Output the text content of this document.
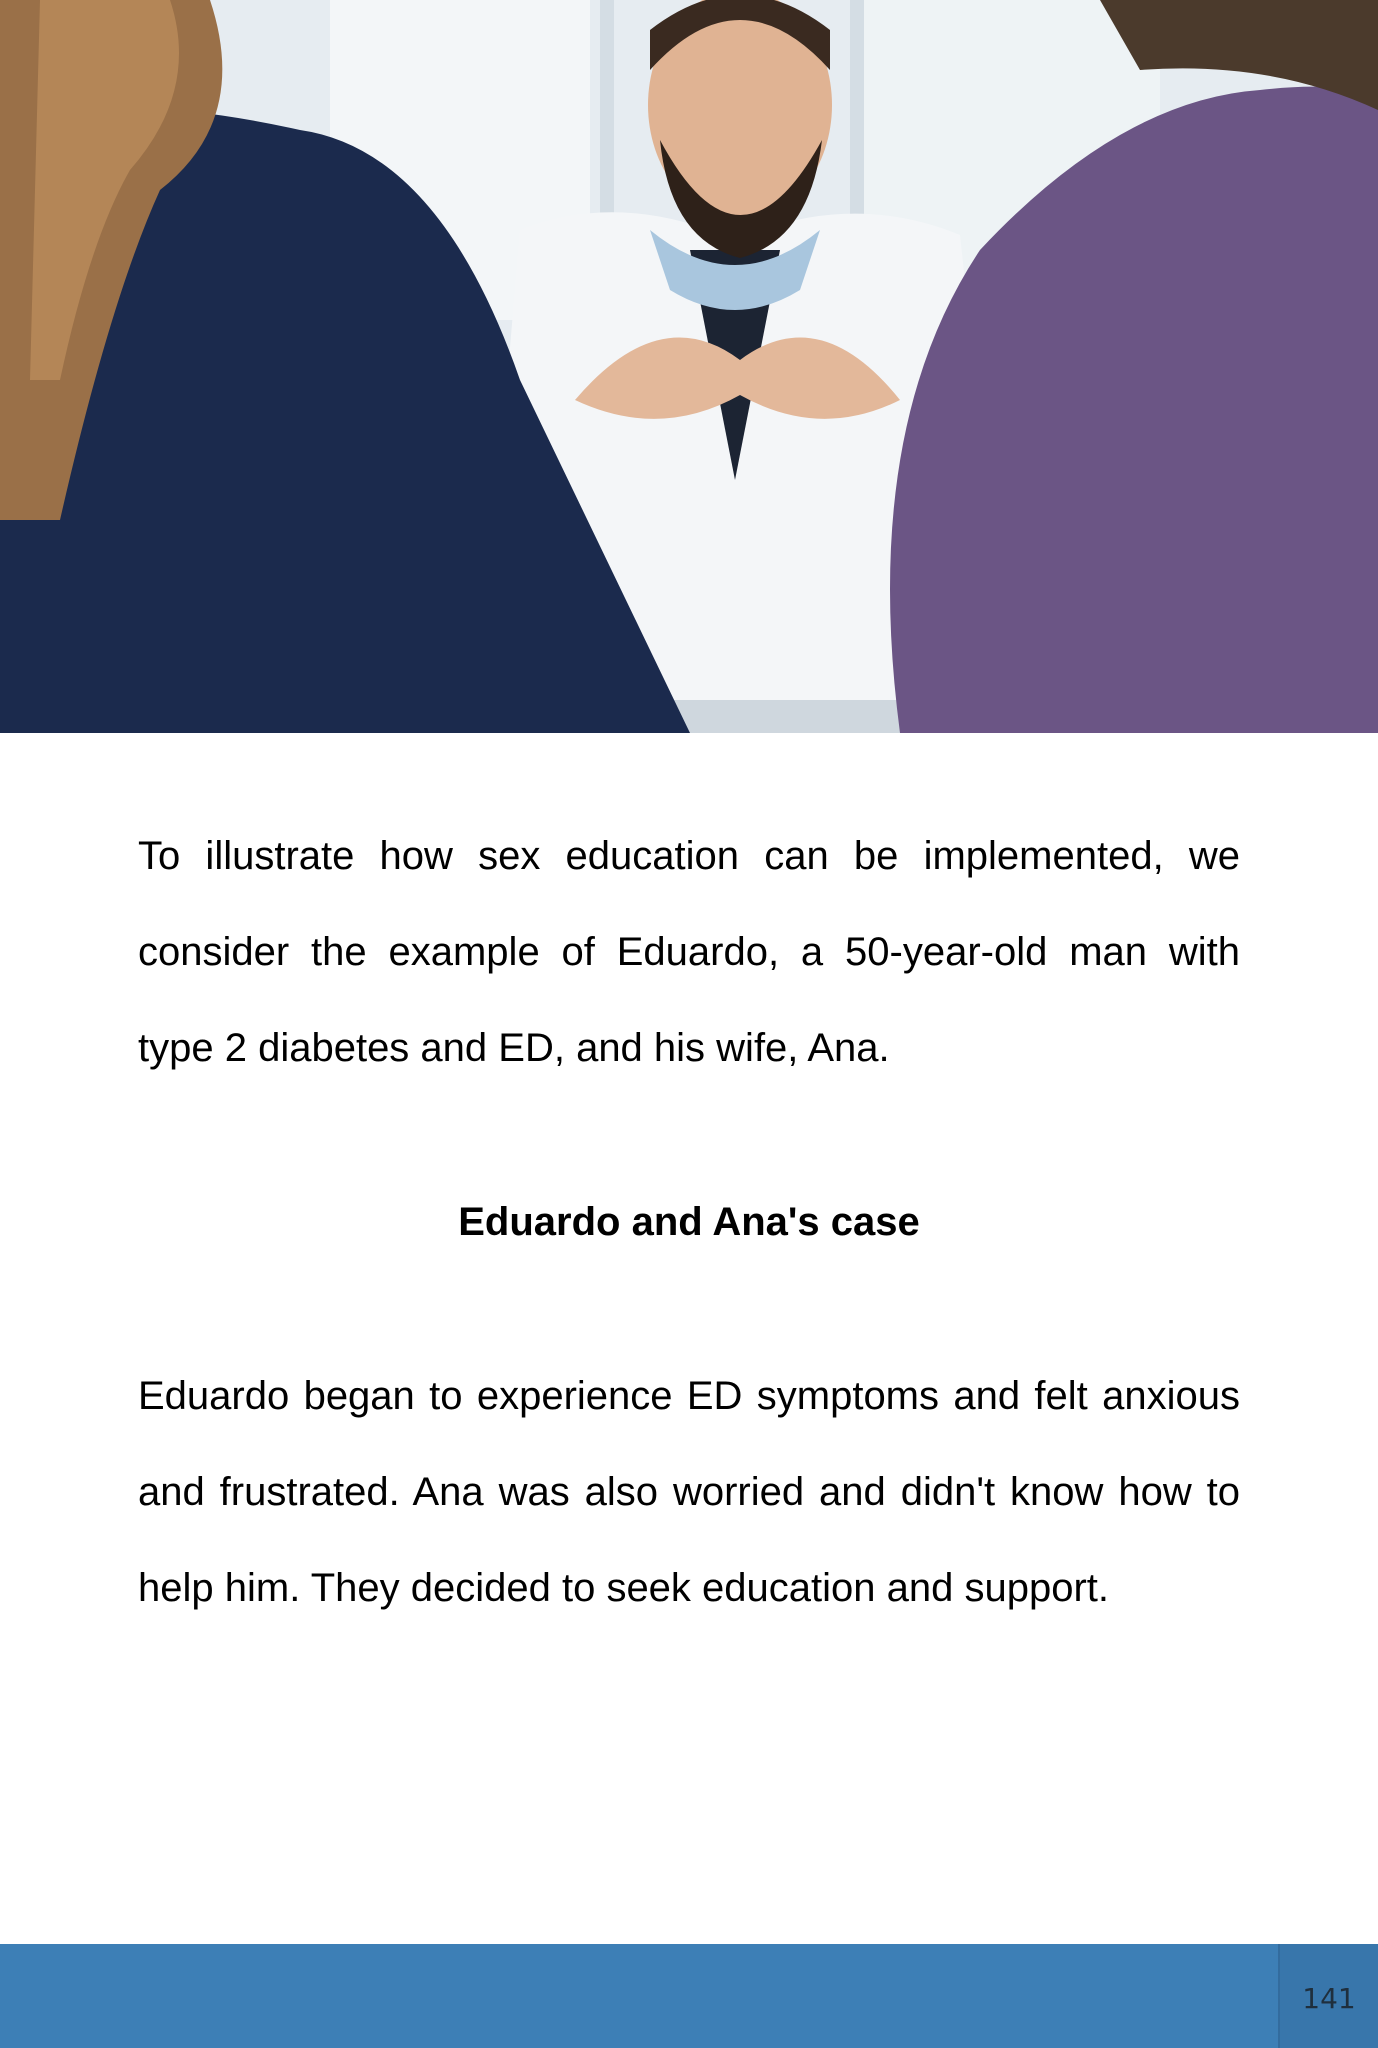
To illustrate how sex education can be implemented, we consider the example of Eduardo, a 50-year-old man with type 2 diabetes and ED, and his wife, Ana.

Eduardo and Ana's case

Eduardo began to experience ED symptoms and felt anxious and frustrated. Ana was also worried and didn't know how to help him. They decided to seek education and support.

141
